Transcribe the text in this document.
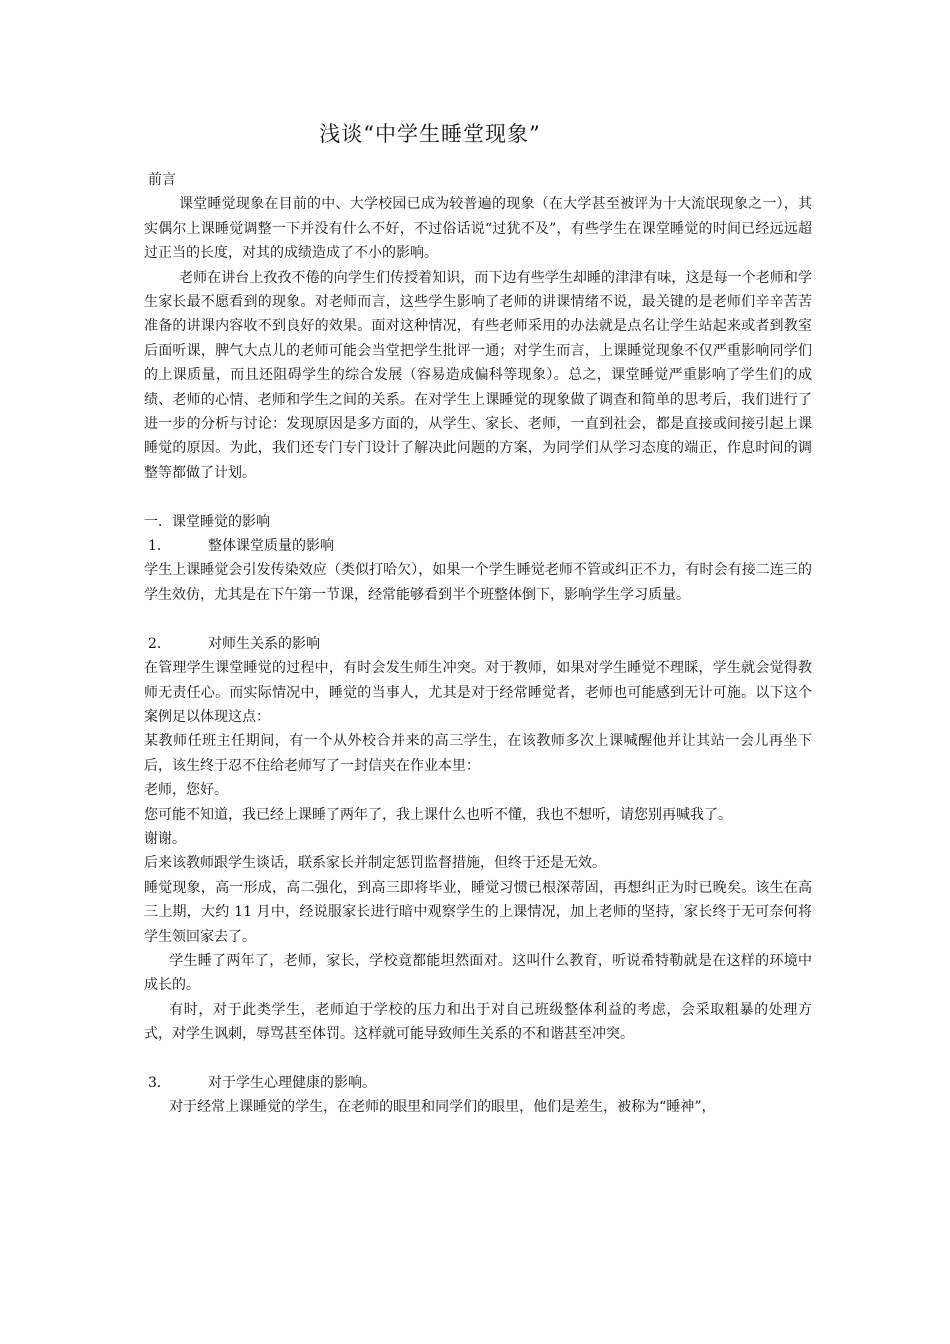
浅谈“中学生睡堂现象”

前言

课堂睡觉现象在目前的中、大学校园已成为较普遍的现象（在大学甚至被评为十大流氓现象之一），其实偶尔上课睡觉调整一下并没有什么不好，不过俗话说“过犹不及”，有些学生在课堂睡觉的时间已经远远超过正当的长度，对其的成绩造成了不小的影响。

老师在讲台上孜孜不倦的向学生们传授着知识，而下边有些学生却睡的津津有味，这是每一个老师和学生家长最不愿看到的现象。对老师而言，这些学生影响了老师的讲课情绪不说，最关键的是老师们辛辛苦苦准备的讲课内容收不到良好的效果。面对这种情况，有些老师采用的办法就是点名让学生站起来或者到教室后面听课，脾气大点儿的老师可能会当堂把学生批评一通；对学生而言，上课睡觉现象不仅严重影响同学们的上课质量，而且还阻碍学生的综合发展（容易造成偏科等现象）。总之，课堂睡觉严重影响了学生们的成绩、老师的心情、老师和学生之间的关系。在对学生上课睡觉的现象做了调查和简单的思考后，我们进行了进一步的分析与讨论：发现原因是多方面的，从学生、家长、老师，一直到社会，都是直接或间接引起上课睡觉的原因。为此，我们还专门专门设计了解决此问题的方案，为同学们从学习态度的端正，作息时间的调整等都做了计划。

一．课堂睡觉的影响

1．	整体课堂质量的影响

学生上课睡觉会引发传染效应（类似打哈欠），如果一个学生睡觉老师不管或纠正不力，有时会有接二连三的学生效仿，尤其是在下午第一节课，经常能够看到半个班整体倒下，影响学生学习质量。

2．	对师生关系的影响

在管理学生课堂睡觉的过程中，有时会发生师生冲突。对于教师，如果对学生睡觉不理睬，学生就会觉得教师无责任心。而实际情况中，睡觉的当事人，尤其是对于经常睡觉者，老师也可能感到无计可施。以下这个案例足以体现这点：

某教师任班主任期间，有一个从外校合并来的高三学生，在该教师多次上课喊醒他并让其站一会儿再坐下后，该生终于忍不住给老师写了一封信夹在作业本里：

老师，您好。

您可能不知道，我已经上课睡了两年了，我上课什么也听不懂，我也不想听，请您别再喊我了。

谢谢。

后来该教师跟学生谈话，联系家长并制定惩罚监督措施，但终于还是无效。

睡觉现象，高一形成，高二强化，到高三即将毕业，睡觉习惯已根深蒂固，再想纠正为时已晚矣。该生在高三上期，大约 11 月中，经说服家长进行暗中观察学生的上课情况，加上老师的坚持，家长终于无可奈何将学生领回家去了。

学生睡了两年了，老师，家长，学校竟都能坦然面对。这叫什么教育，听说希特勒就是在这样的环境中成长的。

有时，对于此类学生，老师迫于学校的压力和出于对自己班级整体利益的考虑，会采取粗暴的处理方式，对学生讽刺，辱骂甚至体罚。这样就可能导致师生关系的不和谐甚至冲突。

3．	对于学生心理健康的影响。

对于经常上课睡觉的学生，在老师的眼里和同学们的眼里，他们是差生，被称为“睡神”，
